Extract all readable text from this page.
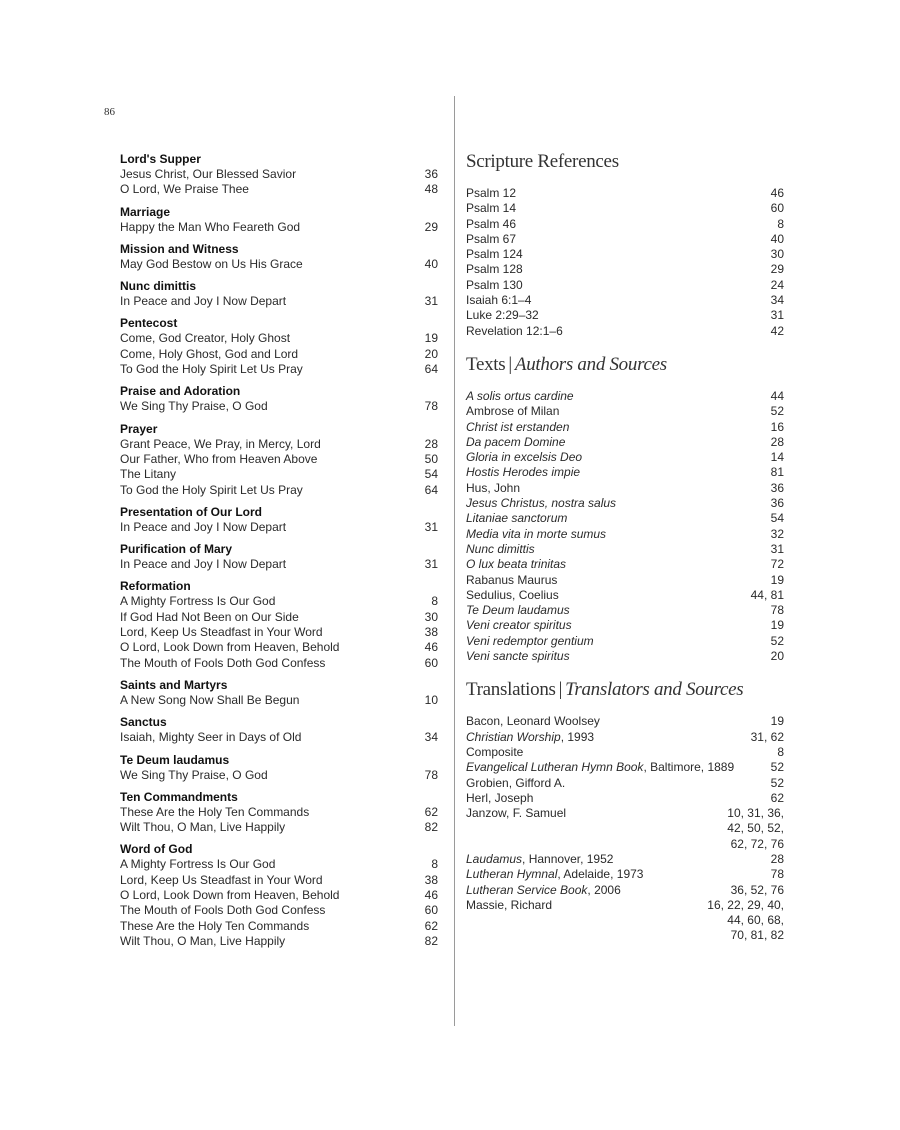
86
Lord's Supper
Jesus Christ, Our Blessed Savior	36
O Lord, We Praise Thee	48
Marriage
Happy the Man Who Feareth God	29
Mission and Witness
May God Bestow on Us His Grace	40
Nunc dimittis
In Peace and Joy I Now Depart	31
Pentecost
Come, God Creator, Holy Ghost	19
Come, Holy Ghost, God and Lord	20
To God the Holy Spirit Let Us Pray	64
Praise and Adoration
We Sing Thy Praise, O God	78
Prayer
Grant Peace, We Pray, in Mercy, Lord	28
Our Father, Who from Heaven Above	50
The Litany	54
To God the Holy Spirit Let Us Pray	64
Presentation of Our Lord
In Peace and Joy I Now Depart	31
Purification of Mary
In Peace and Joy I Now Depart	31
Reformation
A Mighty Fortress Is Our God	8
If God Had Not Been on Our Side	30
Lord, Keep Us Steadfast in Your Word	38
O Lord, Look Down from Heaven, Behold	46
The Mouth of Fools Doth God Confess	60
Saints and Martyrs
A New Song Now Shall Be Begun	10
Sanctus
Isaiah, Mighty Seer in Days of Old	34
Te Deum laudamus
We Sing Thy Praise, O God	78
Ten Commandments
These Are the Holy Ten Commands	62
Wilt Thou, O Man, Live Happily	82
Word of God
A Mighty Fortress Is Our God	8
Lord, Keep Us Steadfast in Your Word	38
O Lord, Look Down from Heaven, Behold	46
The Mouth of Fools Doth God Confess	60
These Are the Holy Ten Commands	62
Wilt Thou, O Man, Live Happily	82
Scripture References
Psalm 12	46
Psalm 14	60
Psalm 46	8
Psalm 67	40
Psalm 124	30
Psalm 128	29
Psalm 130	24
Isaiah 6:1–4	34
Luke 2:29–32	31
Revelation 12:1–6	42
Texts | Authors and Sources
A solis ortus cardine	44
Ambrose of Milan	52
Christ ist erstanden	16
Da pacem Domine	28
Gloria in excelsis Deo	14
Hostis Herodes impie	81
Hus, John	36
Jesus Christus, nostra salus	36
Litaniae sanctorum	54
Media vita in morte sumus	32
Nunc dimittis	31
O lux beata trinitas	72
Rabanus Maurus	19
Sedulius, Coelius	44, 81
Te Deum laudamus	78
Veni creator spiritus	19
Veni redemptor gentium	52
Veni sancte spiritus	20
Translations | Translators and Sources
Bacon, Leonard Woolsey	19
Christian Worship, 1993	31, 62
Composite	8
Evangelical Lutheran Hymn Book, Baltimore, 1889	52
Grobien, Gifford A.	52
Herl, Joseph	62
Janzow, F. Samuel	10, 31, 36,
42, 50, 52,
62, 72, 76
Laudamus, Hannover, 1952	28
Lutheran Hymnal, Adelaide, 1973	78
Lutheran Service Book, 2006	36, 52, 76
Massie, Richard	16, 22, 29, 40,
44, 60, 68,
70, 81, 82
